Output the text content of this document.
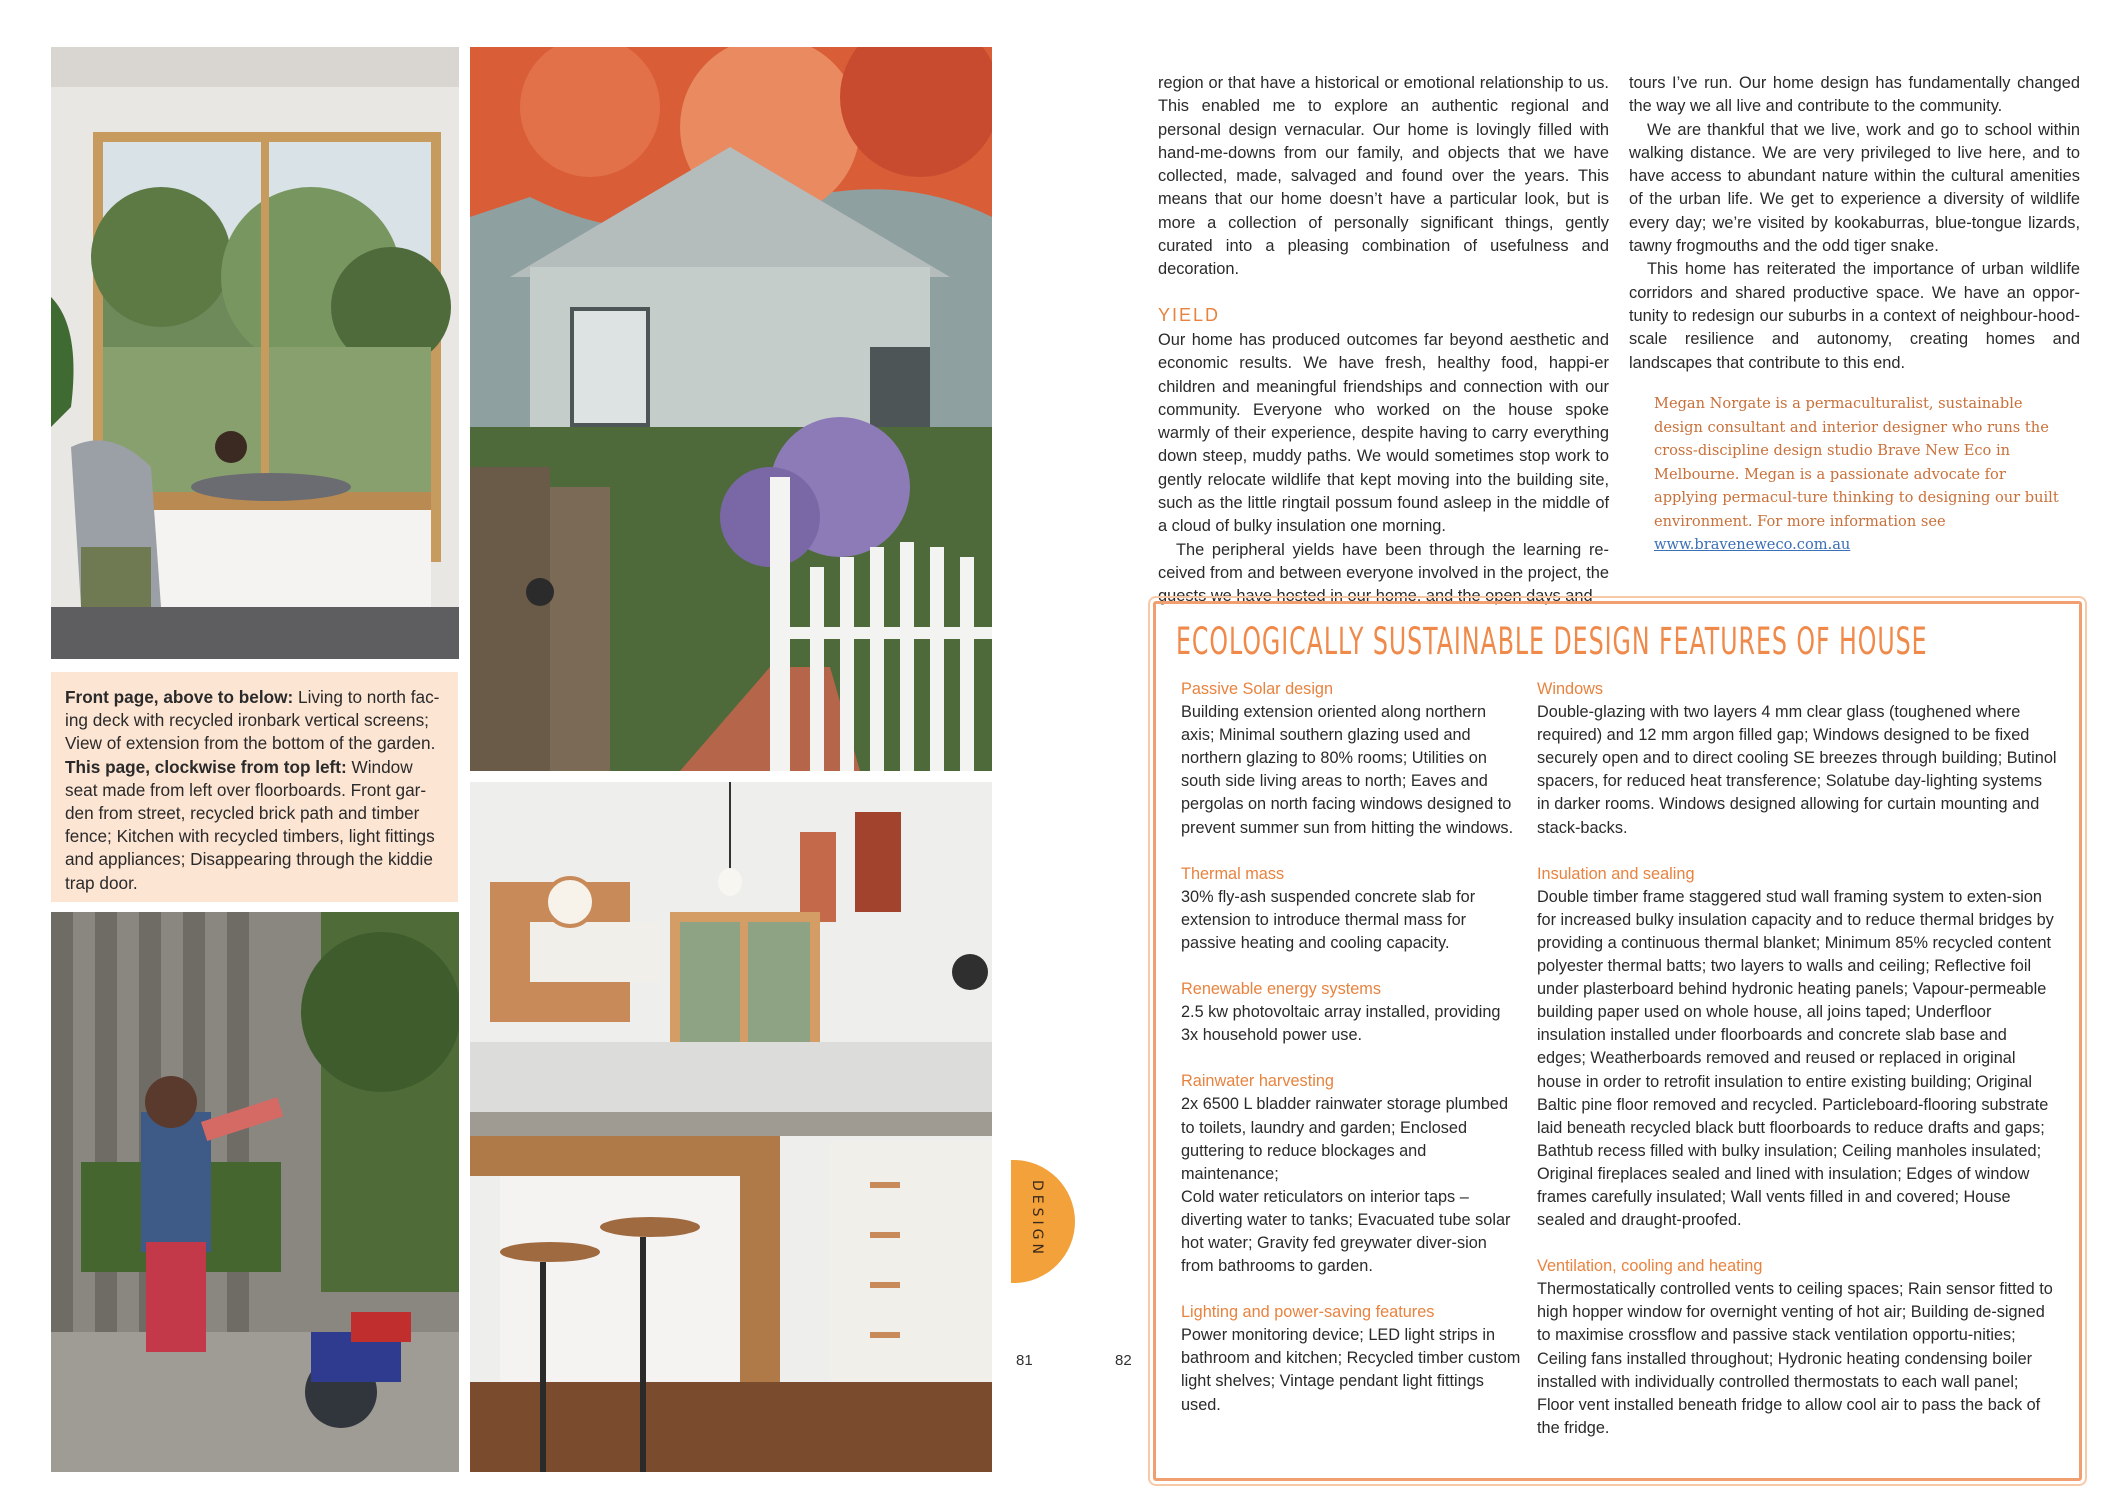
Front page, above to below: Living to north fac-ing deck with recycled ironbark vertical screens; View of extension from the bottom of the garden.
This page, clockwise from top left: Window seat made from left over floorboards. Front gar-den from street, recycled brick path and timber fence; Kitchen with recycled timbers, light fittings and appliances; Disappearing through the kiddie trap door.
DESIGN
81	82

region or that have a historical or emotional relationship to us. This enabled me to explore an authentic regional and personal design vernacular. Our home is lovingly filled with hand-me-downs from our family, and objects that we have collected, made, salvaged and found over the years. This means that our home doesn’t have a particular look, but is more a collection of personally significant things, gently curated into a pleasing combination of usefulness and decoration.

YIELD

Our home has produced outcomes far beyond aesthetic and economic results. We have fresh, healthy food, happi-er children and meaningful friendships and connection with our community. Everyone who worked on the house spoke warmly of their experience, despite having to carry everything down steep, muddy paths. We would sometimes stop work to gently relocate wildlife that kept moving into the building site, such as the little ringtail possum found asleep in the middle of a cloud of bulky insulation one morning.

The peripheral yields have been through the learning re-ceived from and between everyone involved in the project, the guests we have hosted in our home, and the open days and

tours I’ve run. Our home design has fundamentally changed the way we all live and contribute to the community.

We are thankful that we live, work and go to school within walking distance. We are very privileged to live here, and to have access to abundant nature within the cultural amenities of the urban life. We get to experience a diversity of wildlife every day; we’re visited by kookaburras, blue-tongue lizards, tawny frogmouths and the odd tiger snake.

This home has reiterated the importance of urban wildlife corridors and shared productive space. We have an oppor-tunity to redesign our suburbs in a context of neighbour-hood-scale resilience and autonomy, creating homes and landscapes that contribute to this end.

Megan Norgate is a permaculturalist, sustainable design consultant and interior designer who runs the cross-discipline design studio Brave New Eco in Melbourne. Megan is a passionate advocate for applying permacul-ture thinking to designing our built environment. For more information see www.braveneweco.com.au
ECOLOGICALLY SUSTAINABLE DESIGN FEATURES OF HOUSE
Passive Solar design
Building extension oriented along northern axis; Minimal southern glazing used and northern glazing to 80% rooms; Utilities on south side living areas to north; Eaves and pergolas on north facing windows designed to prevent summer sun from hitting the windows.
Thermal mass
30% fly-ash suspended concrete slab for extension to introduce thermal mass for passive heating and cooling capacity.
Renewable energy systems
2.5 kw photovoltaic array installed, providing 3x household power use.
Rainwater harvesting
2x 6500 L bladder rainwater storage plumbed to toilets, laundry and garden; Enclosed guttering to reduce blockages and maintenance;
Cold water reticulators on interior taps – diverting water to tanks; Evacuated tube solar hot water; Gravity fed greywater diver-sion from bathrooms to garden.
Lighting and power-saving features
Power monitoring device; LED light strips in bathroom and kitchen; Recycled timber custom light shelves; Vintage pendant light fittings used.
Windows
Double-glazing with two layers 4 mm clear glass (toughened where required) and 12 mm argon filled gap; Windows designed to be fixed securely open and to direct cooling SE breezes through building; Butinol spacers, for reduced heat transference; Solatube day-lighting systems in darker rooms. Windows designed allowing for curtain mounting and stack-backs.
Insulation and sealing
Double timber frame staggered stud wall framing system to exten-sion for increased bulky insulation capacity and to reduce thermal bridges by providing a continuous thermal blanket; Minimum 85% recycled content polyester thermal batts; two layers to walls and ceiling; Reflective foil under plasterboard behind hydronic heating panels; Vapour-permeable building paper used on whole house, all joins taped; Underfloor insulation installed under floorboards and concrete slab base and edges; Weatherboards removed and reused or replaced in original house in order to retrofit insulation to entire existing building; Original Baltic pine floor removed and recycled. Particleboard-flooring substrate laid beneath recycled black butt floorboards to reduce drafts and gaps; Bathtub recess filled with bulky insulation; Ceiling manholes insulated; Original fireplaces sealed and lined with insulation; Edges of window frames carefully insulated; Wall vents filled in and covered; House sealed and draught-proofed.
Ventilation, cooling and heating
Thermostatically controlled vents to ceiling spaces; Rain sensor fitted to high hopper window for overnight venting of hot air; Building de-signed to maximise crossflow and passive stack ventilation opportu-nities; Ceiling fans installed throughout; Hydronic heating condensing boiler installed with individually controlled thermostats to each wall panel; Floor vent installed beneath fridge to allow cool air to pass the back of the fridge.
